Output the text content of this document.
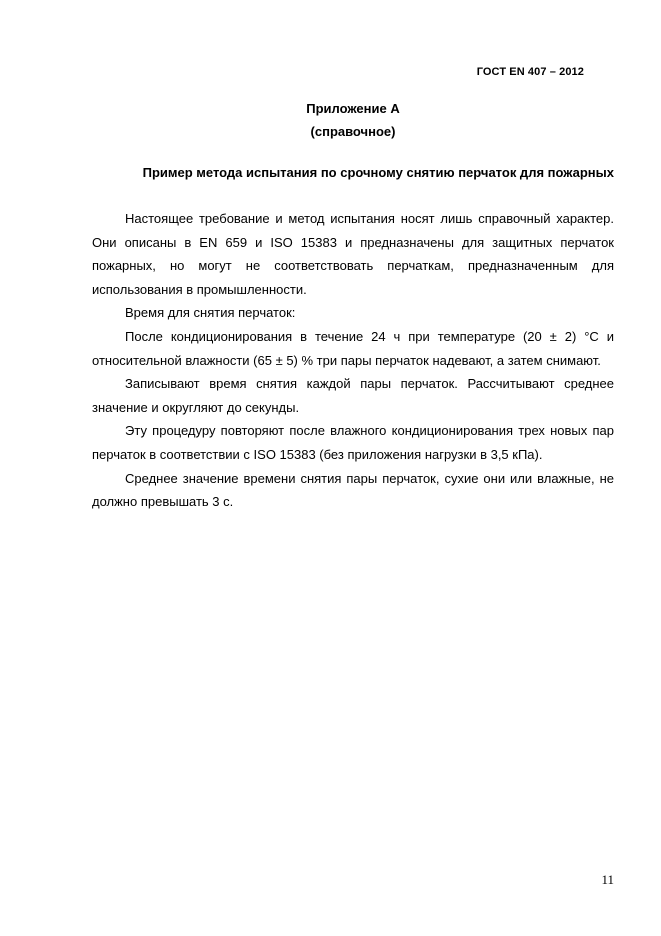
ГОСТ EN 407 – 2012
Приложение А
(справочное)
Пример метода испытания по срочному снятию перчаток для пожарных

Настоящее требование и метод испытания носят лишь справочный характер. Они описаны в EN 659 и ISO 15383 и предназначены для защитных перчаток пожарных, но могут не соответствовать перчаткам, предназначенным для использования в промышленности.

Время для снятия перчаток:

После кондиционирования в течение 24 ч при температуре (20 ± 2) °С и относительной влажности (65 ± 5) % три пары перчаток надевают, а затем снимают.

Записывают время снятия каждой пары перчаток. Рассчитывают среднее значение и округляют до секунды.

Эту процедуру повторяют после влажного кондиционирования трех новых пар перчаток в соответствии с ISO 15383 (без приложения нагрузки в 3,5 кПа).

Среднее значение времени снятия пары перчаток, сухие они или влажные, не должно превышать 3 с.

11
